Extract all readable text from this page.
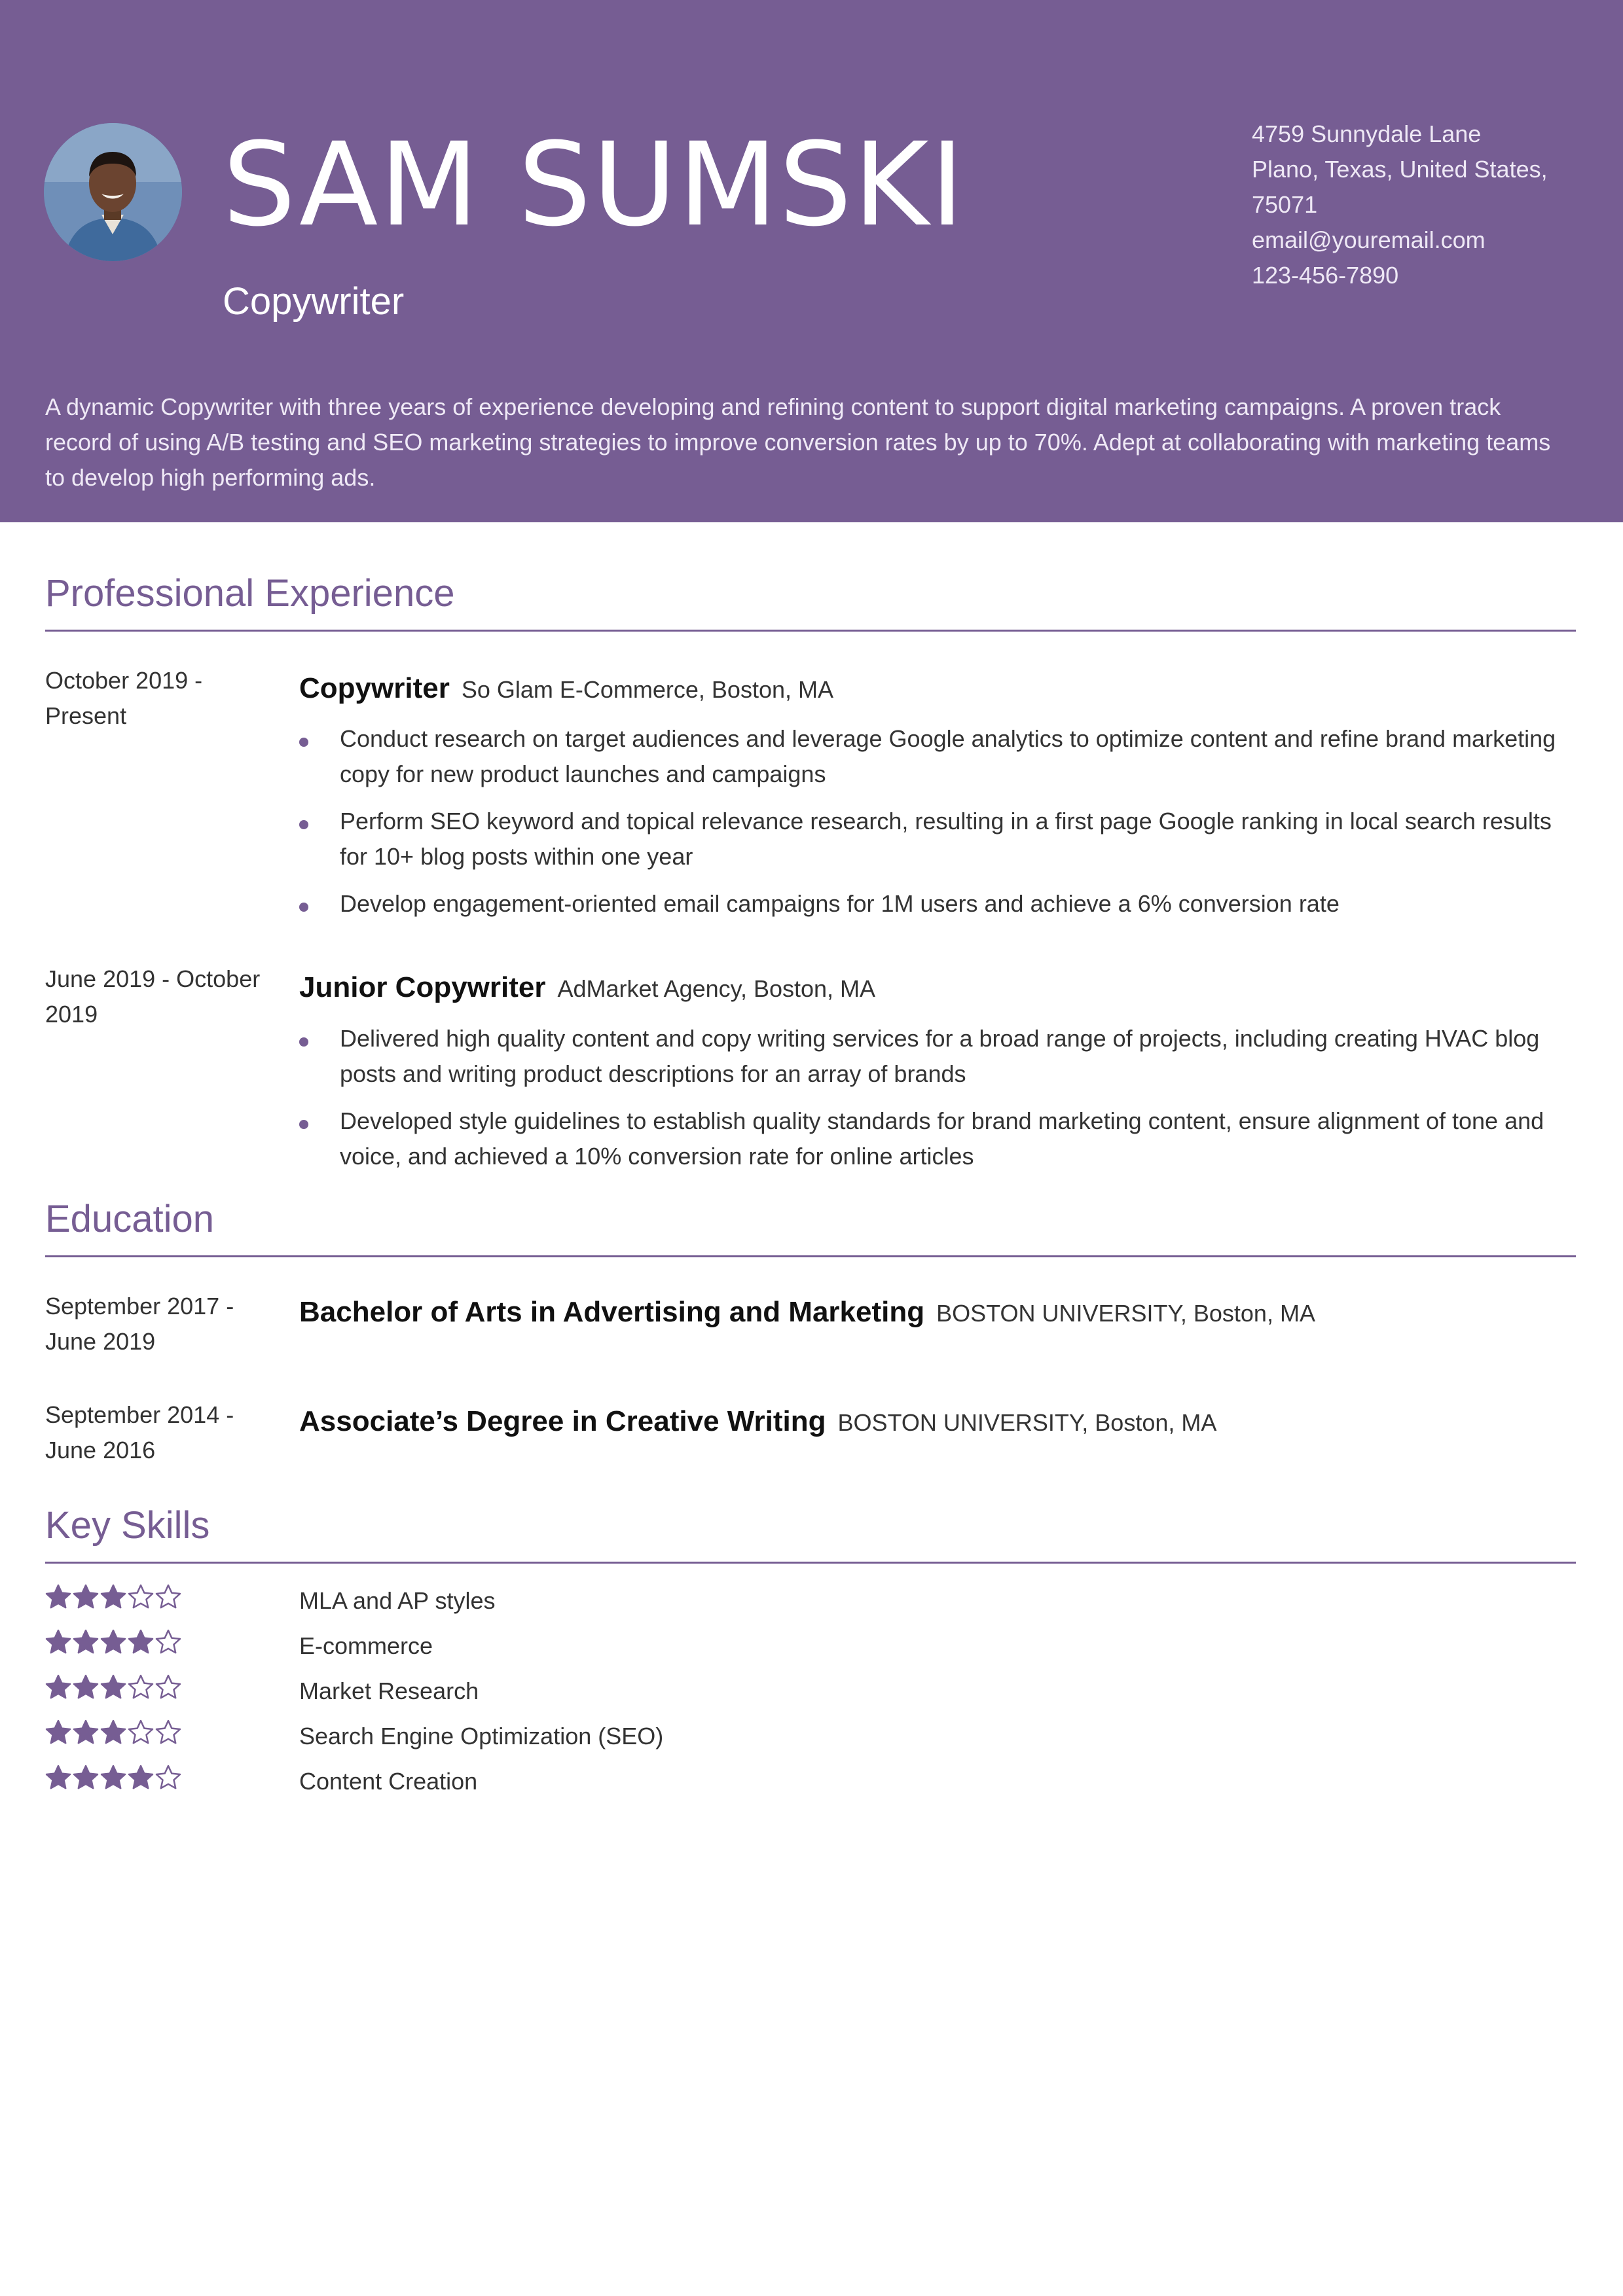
SAM SUMSKI
Copywriter
4759 Sunnydale Lane
Plano, Texas, United States,
75071
email@youremail.com
123-456-7890
A dynamic Copywriter with three years of experience developing and refining content to support digital marketing campaigns. A proven track record of using A/B testing and SEO marketing strategies to improve conversion rates by up to 70%. Adept at collaborating with marketing teams to develop high performing ads.
Professional Experience
October 2019 - Present
Copywriter So Glam E-Commerce, Boston, MA
Conduct research on target audiences and leverage Google analytics to optimize content and refine brand marketing copy for new product launches and campaigns
Perform SEO keyword and topical relevance research, resulting in a first page Google ranking in local search results for 10+ blog posts within one year
Develop engagement-oriented email campaigns for 1M users and achieve a 6% conversion rate
June 2019 - October 2019
Junior Copywriter AdMarket Agency, Boston, MA
Delivered high quality content and copy writing services for a broad range of projects, including creating HVAC blog posts and writing product descriptions for an array of brands
Developed style guidelines to establish quality standards for brand marketing content, ensure alignment of tone and voice, and achieved a 10% conversion rate for online articles
Education
September 2017 - June 2019
Bachelor of Arts in Advertising and Marketing BOSTON UNIVERSITY, Boston, MA
September 2014 - June 2016
Associate’s Degree in Creative Writing BOSTON UNIVERSITY, Boston, MA
Key Skills
MLA and AP styles
E-commerce
Market Research
Search Engine Optimization (SEO)
Content Creation
